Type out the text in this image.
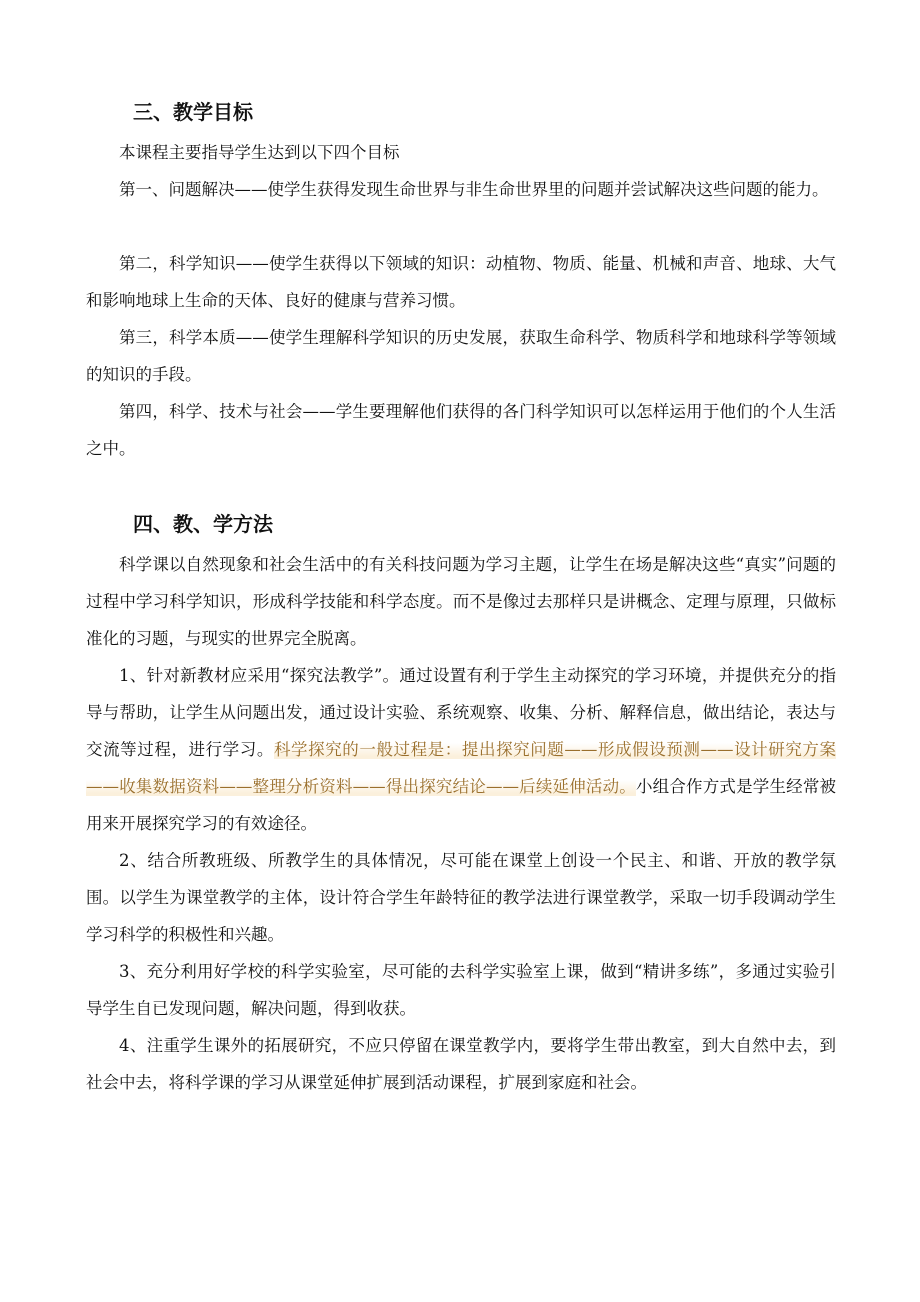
三、教学目标

本课程主要指导学生达到以下四个目标

第一、问题解决——使学生获得发现生命世界与非生命世界里的问题并尝试解决这些问题的能力。

第二，科学知识——使学生获得以下领域的知识：动植物、物质、能量、机械和声音、地球、大气和影响地球上生命的天体、良好的健康与营养习惯。

第三，科学本质——使学生理解科学知识的历史发展，获取生命科学、物质科学和地球科学等领域的知识的手段。

第四，科学、技术与社会——学生要理解他们获得的各门科学知识可以怎样运用于他们的个人生活之中。

四、教、学方法

科学课以自然现象和社会生活中的有关科技问题为学习主题，让学生在场是解决这些“真实”问题的过程中学习科学知识，形成科学技能和科学态度。而不是像过去那样只是讲概念、定理与原理，只做标准化的习题，与现实的世界完全脱离。

1、针对新教材应采用“探究法教学”。通过设置有利于学生主动探究的学习环境，并提供充分的指导与帮助，让学生从问题出发，通过设计实验、系统观察、收集、分析、解释信息，做出结论，表达与交流等过程，进行学习。科学探究的一般过程是：提出探究问题——形成假设预测——设计研究方案——收集数据资料——整理分析资料——得出探究结论——后续延伸活动。小组合作方式是学生经常被用来开展探究学习的有效途径。

2、结合所教班级、所教学生的具体情况，尽可能在课堂上创设一个民主、和谐、开放的教学氛围。以学生为课堂教学的主体，设计符合学生年龄特征的教学法进行课堂教学，采取一切手段调动学生学习科学的积极性和兴趣。

3、充分利用好学校的科学实验室，尽可能的去科学实验室上课，做到“精讲多练”，多通过实验引导学生自已发现问题，解决问题，得到收获。

4、注重学生课外的拓展研究，不应只停留在课堂教学内，要将学生带出教室，到大自然中去，到社会中去，将科学课的学习从课堂延伸扩展到活动课程，扩展到家庭和社会。
